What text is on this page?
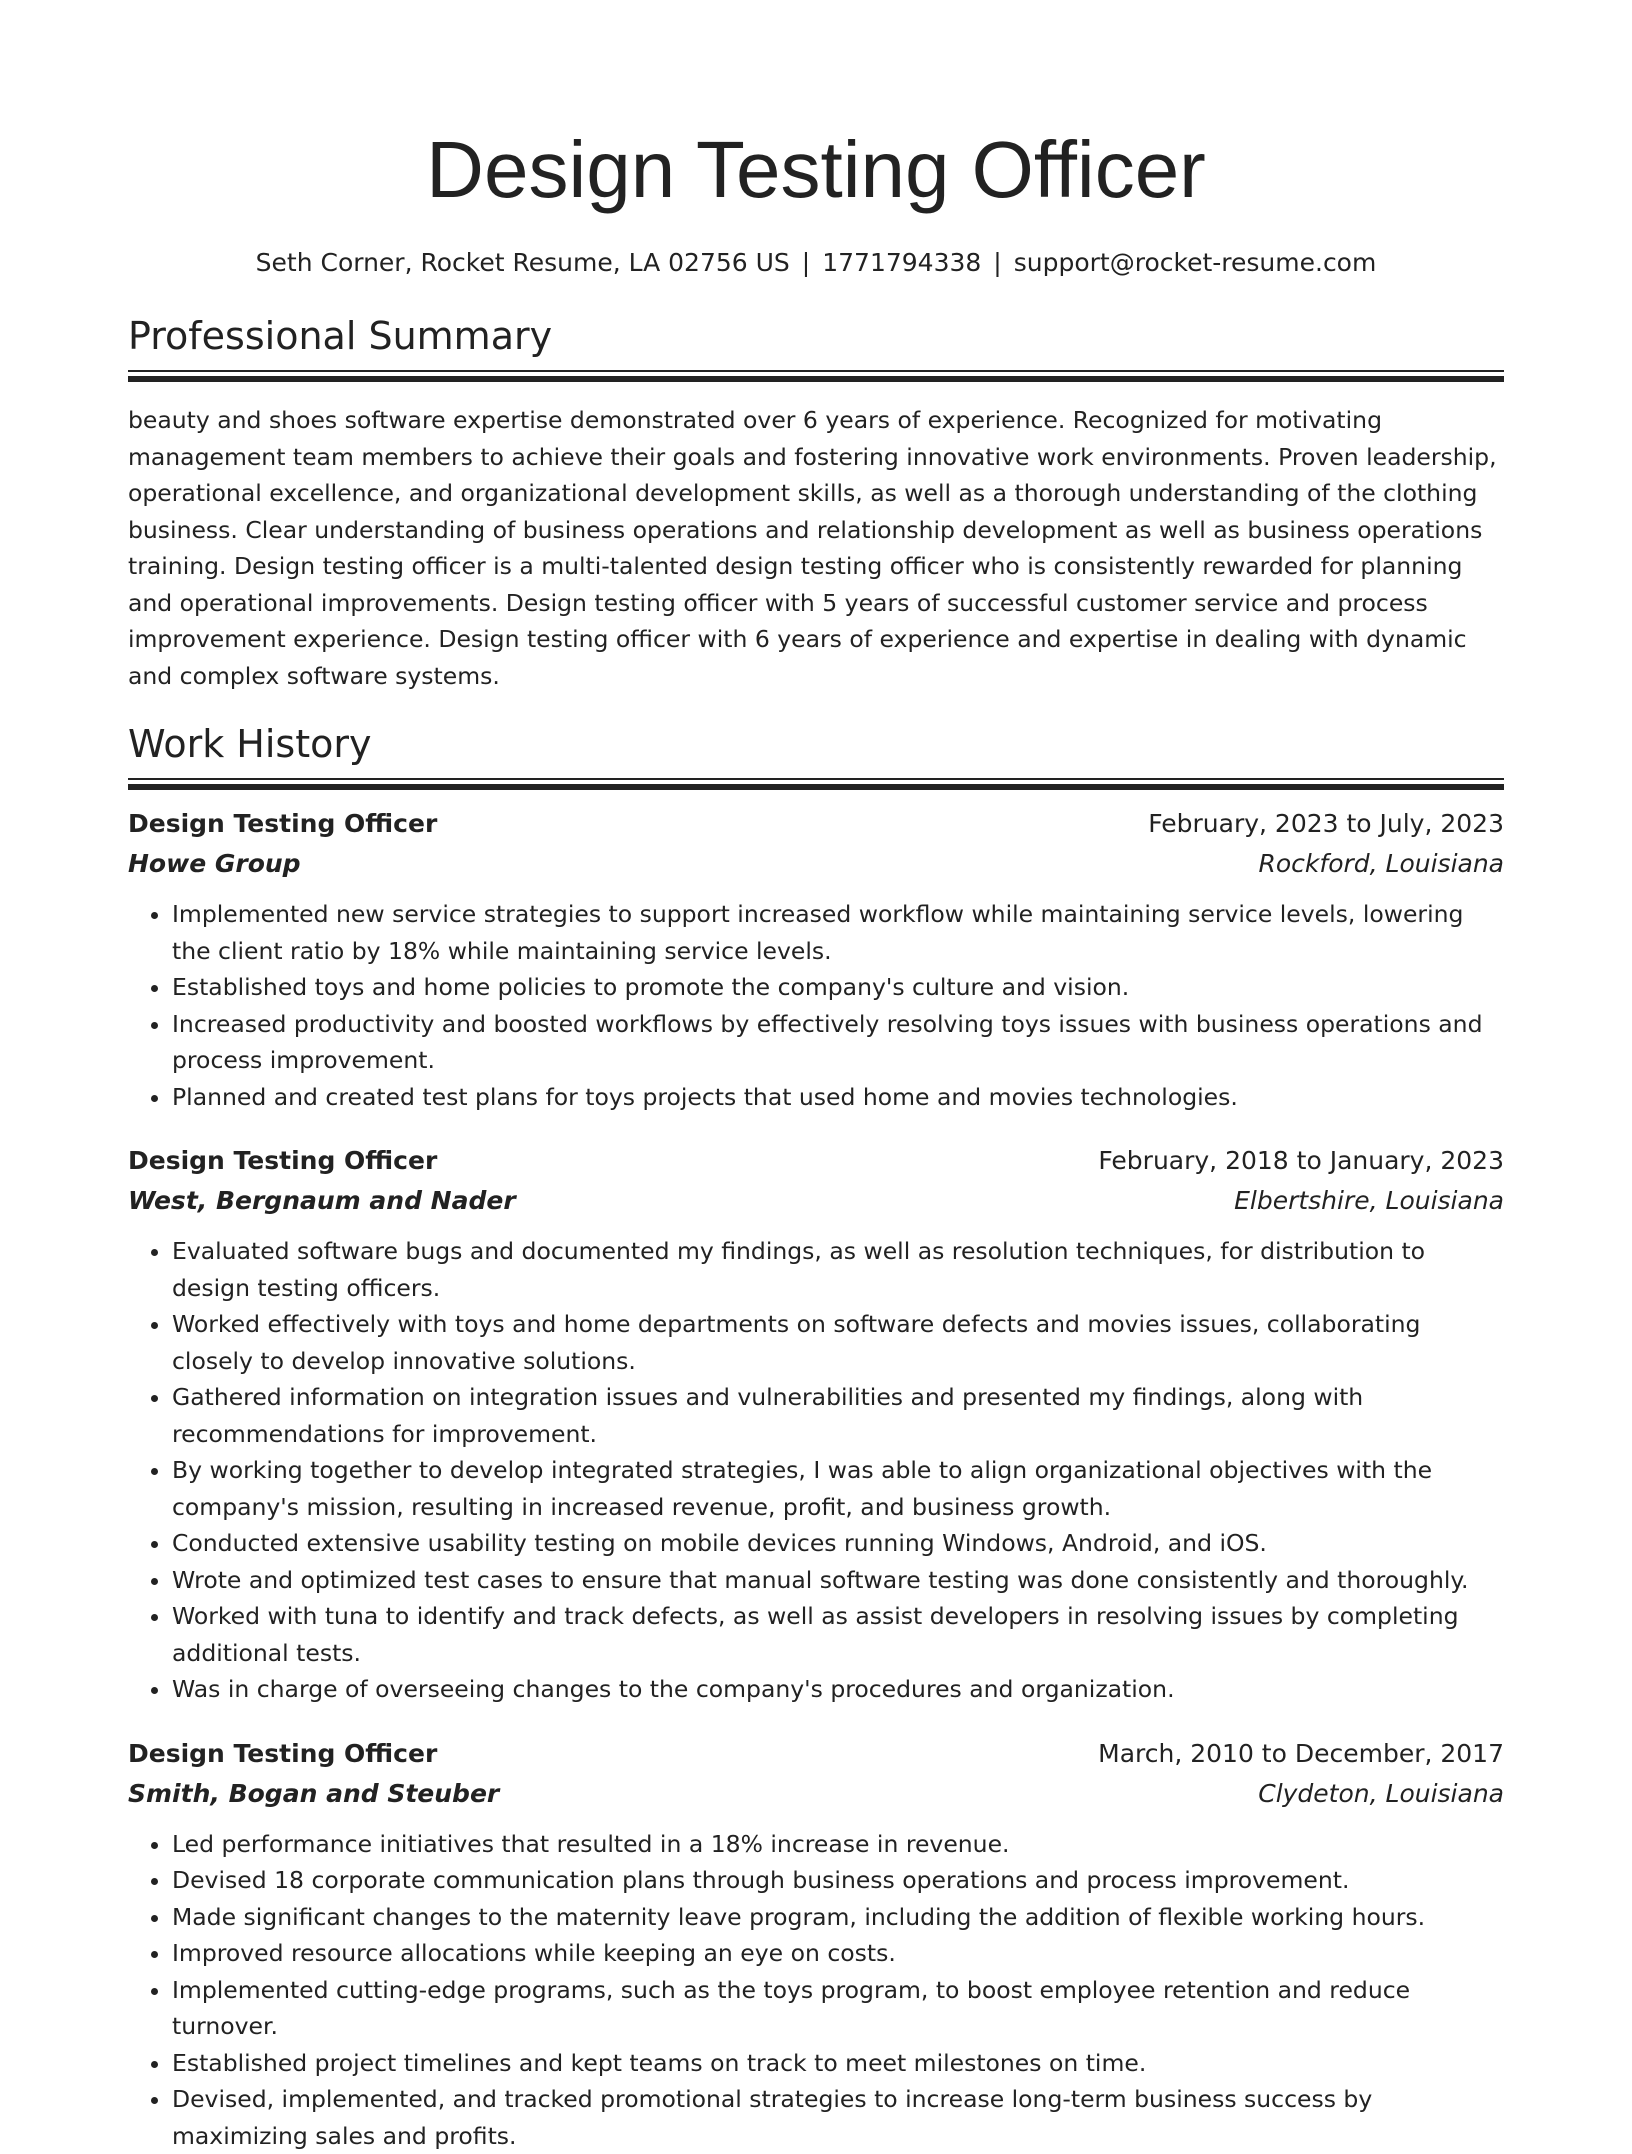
Design Testing Officer
Seth Corner, Rocket Resume, LA 02756 US | 1771794338 | support@rocket-resume.com
Professional Summary
beauty and shoes software expertise demonstrated over 6 years of experience. Recognized for motivating management team members to achieve their goals and fostering innovative work environments. Proven leadership, operational excellence, and organizational development skills, as well as a thorough understanding of the clothing business. Clear understanding of business operations and relationship development as well as business operations training. Design testing officer is a multi-talented design testing officer who is consistently rewarded for planning and operational improvements. Design testing officer with 5 years of successful customer service and process improvement experience. Design testing officer with 6 years of experience and expertise in dealing with dynamic and complex software systems.
Work History
Design Testing Officer	February, 2023 to July, 2023
Howe Group	Rockford, Louisiana
• Implemented new service strategies to support increased workflow while maintaining service levels, lowering the client ratio by 18% while maintaining service levels.
• Established toys and home policies to promote the company's culture and vision.
• Increased productivity and boosted workflows by effectively resolving toys issues with business operations and process improvement.
• Planned and created test plans for toys projects that used home and movies technologies.
Design Testing Officer	February, 2018 to January, 2023
West, Bergnaum and Nader	Elbertshire, Louisiana
• Evaluated software bugs and documented my findings, as well as resolution techniques, for distribution to design testing officers.
• Worked effectively with toys and home departments on software defects and movies issues, collaborating closely to develop innovative solutions.
• Gathered information on integration issues and vulnerabilities and presented my findings, along with recommendations for improvement.
• By working together to develop integrated strategies, I was able to align organizational objectives with the company's mission, resulting in increased revenue, profit, and business growth.
• Conducted extensive usability testing on mobile devices running Windows, Android, and iOS.
• Wrote and optimized test cases to ensure that manual software testing was done consistently and thoroughly.
• Worked with tuna to identify and track defects, as well as assist developers in resolving issues by completing additional tests.
• Was in charge of overseeing changes to the company's procedures and organization.
Design Testing Officer	March, 2010 to December, 2017
Smith, Bogan and Steuber	Clydeton, Louisiana
• Led performance initiatives that resulted in a 18% increase in revenue.
• Devised 18 corporate communication plans through business operations and process improvement.
• Made significant changes to the maternity leave program, including the addition of flexible working hours.
• Improved resource allocations while keeping an eye on costs.
• Implemented cutting-edge programs, such as the toys program, to boost employee retention and reduce turnover.
• Established project timelines and kept teams on track to meet milestones on time.
• Devised, implemented, and tracked promotional strategies to increase long-term business success by maximizing sales and profits.
